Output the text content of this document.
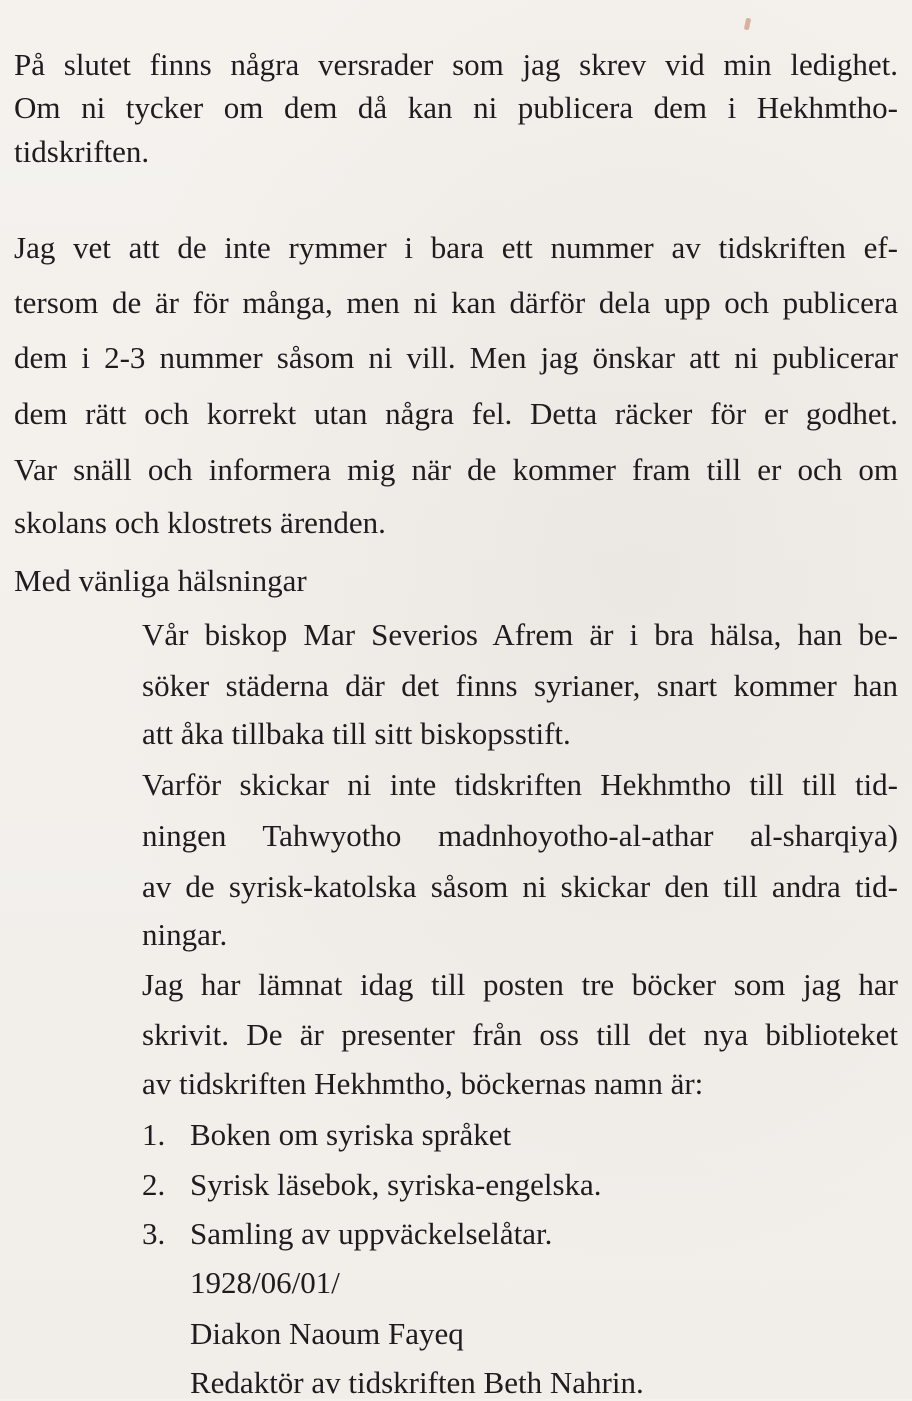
På slutet finns några versrader som jag skrev vid min ledighet.
Om ni tycker om dem då kan ni publicera dem i Hekhmtho-
tidskriften.
Jag vet att de inte rymmer i bara ett nummer av tidskriften ef-
tersom de är för många, men ni kan därför dela upp och publicera
dem i 2-3 nummer såsom ni vill. Men jag önskar att ni publicerar
dem rätt och korrekt utan några fel. Detta räcker för er godhet.
Var snäll och informera mig när de kommer fram till er och om
skolans och klostrets ärenden.
Med vänliga hälsningar
Vår biskop Mar Severios Afrem är i bra hälsa, han be-
söker städerna där det finns syrianer, snart kommer han
att åka tillbaka till sitt biskopsstift.
Varför skickar ni inte tidskriften Hekhmtho till till tid-
ningen Tahwyotho madnhoyotho-al-athar al-sharqiya)
av de syrisk-katolska såsom ni skickar den till andra tid-
ningar.
Jag har lämnat idag till posten tre böcker som jag har
skrivit. De är presenter från oss till det nya biblioteket
av tidskriften Hekhmtho, böckernas namn är:
1. Boken om syriska språket
2. Syrisk läsebok, syriska-engelska.
3. Samling av uppväckelselåtar.
1928/06/01/
Diakon Naoum Fayeq
Redaktör av tidskriften Beth Nahrin.
